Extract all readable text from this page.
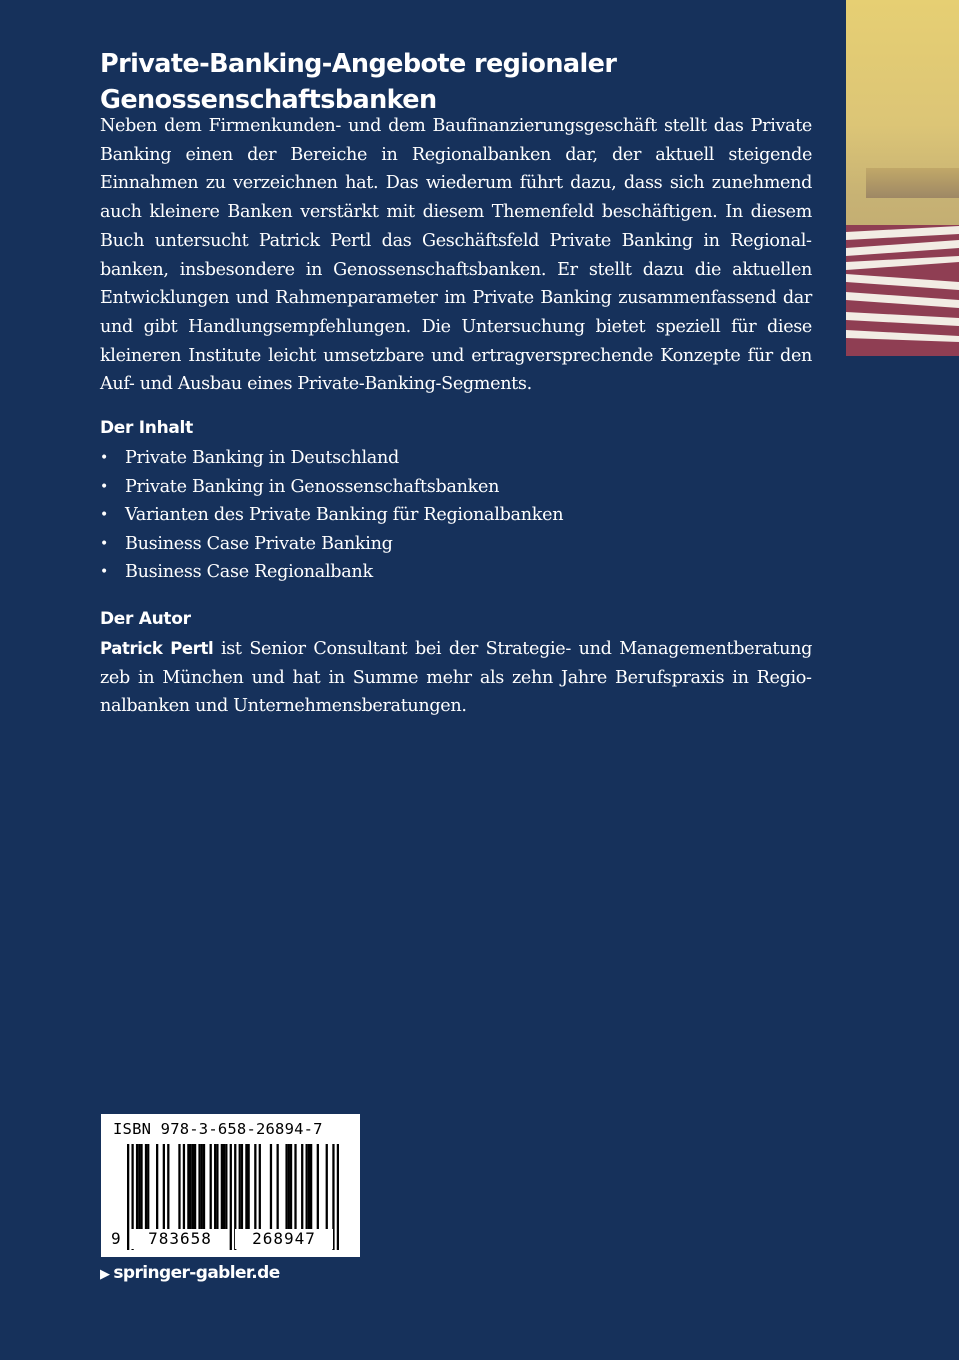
Private-Banking-Angebote regionaler Genossenschaftsbanken

Neben dem Firmenkunden- und dem Baufinanzierungsgeschäft stellt das Private Banking einen der Bereiche in Regionalbanken dar, der aktuell steigende Einnahmen zu verzeichnen hat. Das wiederum führt dazu, dass sich zunehmend auch kleinere Banken verstärkt mit diesem Themenfeld beschäftigen. In diesem Buch untersucht Patrick Pertl das Geschäftsfeld Private Banking in Regionalbanken, insbesondere in Genossenschaftsbanken. Er stellt dazu die aktuellen Entwicklungen und Rahmenparameter im Private Banking zusammenfassend dar und gibt Handlungsempfehlungen. Die Untersuchung bietet speziell für diese kleineren Institute leicht umsetzbare und ertragversprechende Konzepte für den Auf- und Ausbau eines Private-Banking-Segments.

Der Inhalt
• Private Banking in Deutschland
• Private Banking in Genossenschaftsbanken
• Varianten des Private Banking für Regionalbanken
• Business Case Private Banking
• Business Case Regionalbank
Der Autor

Patrick Pertl ist Senior Consultant bei der Strategie- und Managementberatung zeb in München und hat in Summe mehr als zehn Jahre Berufspraxis in Regionalbanken und Unternehmensberatungen.

ISBN 978-3-658-26894-7
9	783658	268947
▶ springer-gabler.de
